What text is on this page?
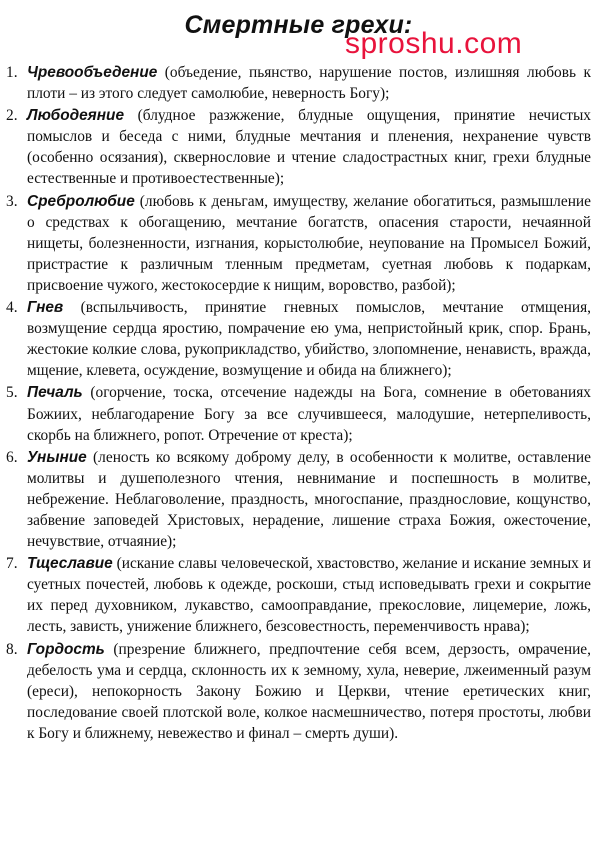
Смертные грехи:
1. Чревообъедение (объедение, пьянство, нарушение постов, излишняя любовь к плоти – из этого следует самолюбие, неверность Богу);
2. Любодеяние (блудное разжжение, блудные ощущения, принятие нечистых помыслов и беседа с ними, блудные мечтания и пленения, нехранение чувств (особенно осязания), сквернословие и чтение сладострастных книг, грехи блудные естественные и противоестественные);
3. Сребролюбие (любовь к деньгам, имуществу, желание обогатиться, размышление о средствах к обогащению, мечтание богатств, опасения старости, нечаянной нищеты, болезненности, изгнания, корыстолюбие, неупование на Промысел Божий, пристрастие к различным тленным предметам, суетная любовь к подаркам, присвоение чужого, жестокосердие к нищим, воровство, разбой);
4. Гнев (вспыльчивость, принятие гневных помыслов, мечтание отмщения, возмущение сердца яростию, помрачение ею ума, непристойный крик, спор. Брань, жестокие колкие слова, рукоприкладство, убийство, злопомнение, ненависть, вражда, мщение, клевета, осуждение, возмущение и обида на ближнего);
5. Печаль (огорчение, тоска, отсечение надежды на Бога, сомнение в обетованиях Божиих, неблагодарение Богу за все случившееся, малодушие, нетерпеливость, скорбь на ближнего, ропот. Отречение от креста);
6. Уныние (леность ко всякому доброму делу, в особенности к молитве, оставление молитвы и душеполезного чтения, невнимание и поспешность в молитве, небрежение. Неблаговоление, праздность, многоспание, празднословие, кощунство, забвение заповедей Христовых, нерадение, лишение страха Божия, ожесточение, нечувствие, отчаяние);
7. Тщеславие (искание славы человеческой, хвастовство, желание и искание земных и суетных почестей, любовь к одежде, роскоши, стыд исповедывать грехи и сокрытие их перед духовником, лукавство, самооправдание, прекословие, лицемерие, ложь, лесть, зависть, унижение ближнего, безсовестность, переменчивость нрава);
8. Гордость (презрение ближнего, предпочтение себя всем, дерзость, омрачение, дебелость ума и сердца, склонность их к земному, хула, неверие, лжеименный разум (ереси), непокорность Закону Божию и Церкви, чтение еретических книг, последование своей плотской воле, колкое насмешничество, потеря простоты, любви к Богу и ближнему, невежество и финал – смерть души).
sproshu.com
